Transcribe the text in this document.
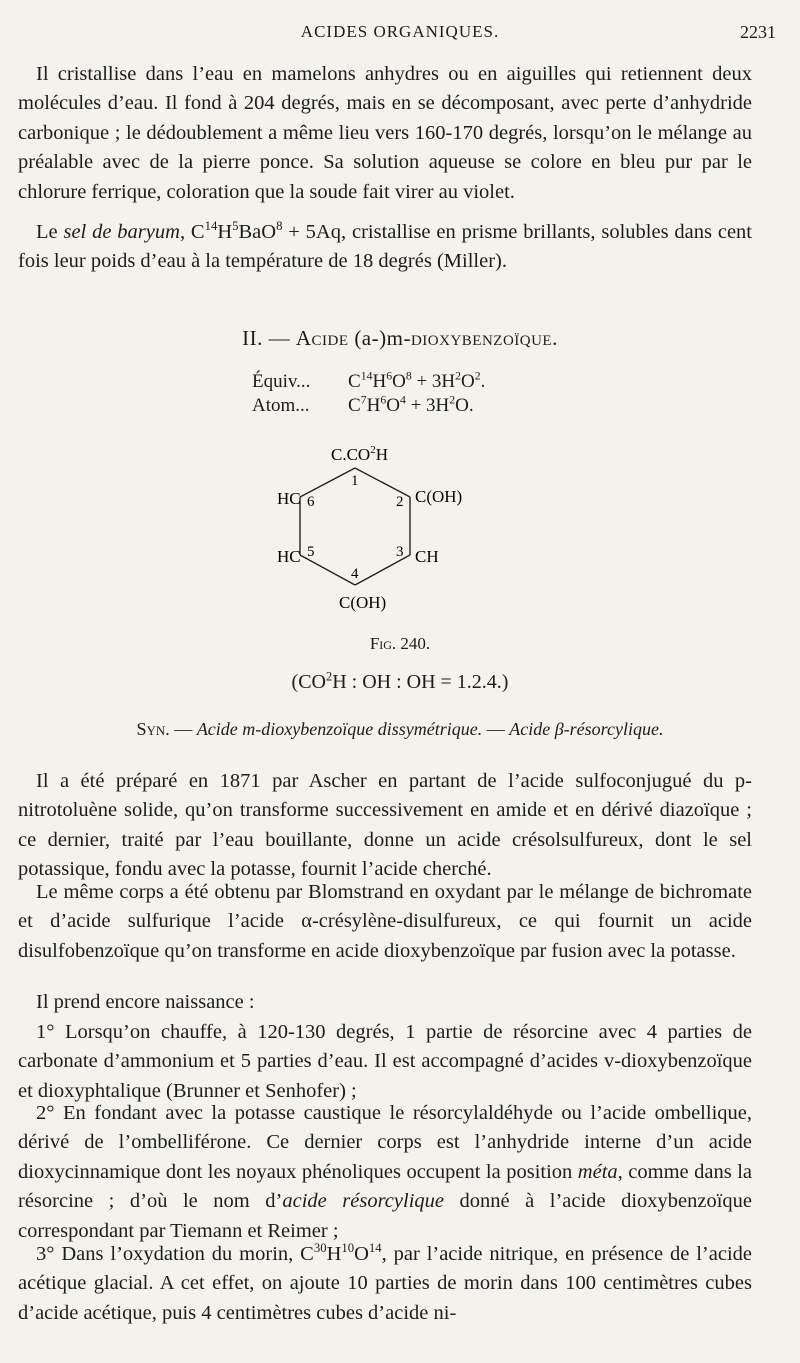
ACIDES ORGANIQUES.	2231

Il cristallise dans l’eau en mamelons anhydres ou en aiguilles qui retiennent deux molécules d’eau. Il fond à 204 degrés, mais en se décomposant, avec perte d’anhydride carbonique ; le dédoublement a même lieu vers 160-170 degrés, lorsqu’on le mélange au préalable avec de la pierre ponce. Sa solution aqueuse se colore en bleu pur par le chlorure ferrique, coloration que la soude fait virer au violet.

Le sel de baryum, $C^{14}H^5BaO^8 + 5Aq$, cristallise en prisme brillants, solubles dans cent fois leur poids d’eau à la température de 18 degrés (Miller).

II. — Acide (a-)m-dioxybenzoïque.
Équiv... $C^{14}H^6O^8 + 3H^2O^2$.
Atom... $C^7H^6O^4 + 3H^2O$.
$C.CO^2H$
HC	C(OH)
HC	CH
C(OH)
1
2
3
4
5
6
Fig. 240.
($CO^2H$ : OH : OH = 1.2.4.)
Syn. — Acide m-dioxybenzoïque dissymétrique. — Acide β-résorcylique.

Il a été préparé en 1871 par Ascher en partant de l’acide sulfoconjugué du p-nitrotoluène solide, qu’on transforme successivement en amide et en dérivé diazoïque ; ce dernier, traité par l’eau bouillante, donne un acide crésolsulfureux, dont le sel potassique, fondu avec la potasse, fournit l’acide cherché.

Le même corps a été obtenu par Blomstrand en oxydant par le mélange de bichromate et d’acide sulfurique l’acide α-crésylène-disulfureux, ce qui fournit un acide disulfobenzoïque qu’on transforme en acide dioxybenzoïque par fusion avec la potasse.

Il prend encore naissance :

1° Lorsqu’on chauffe, à 120-130 degrés, 1 partie de résorcine avec 4 parties de carbonate d’ammonium et 5 parties d’eau. Il est accompagné d’acides v-dioxybenzoïque et dioxyphtalique (Brunner et Senhofer) ;

2° En fondant avec la potasse caustique le résorcylaldéhyde ou l’acide ombellique, dérivé de l’ombelliférone. Ce dernier corps est l’anhydride interne d’un acide dioxycinnamique dont les noyaux phénoliques occupent la position méta, comme dans la résorcine ; d’où le nom d’acide résorcylique donné à l’acide dioxybenzoïque correspondant par Tiemann et Reimer ;

3° Dans l’oxydation du morin, $C^{30}H^{10}O^{14}$, par l’acide nitrique, en présence de l’acide acétique glacial. A cet effet, on ajoute 10 parties de morin dans 100 centimètres cubes d’acide acétique, puis 4 centimètres cubes d’acide ni-
